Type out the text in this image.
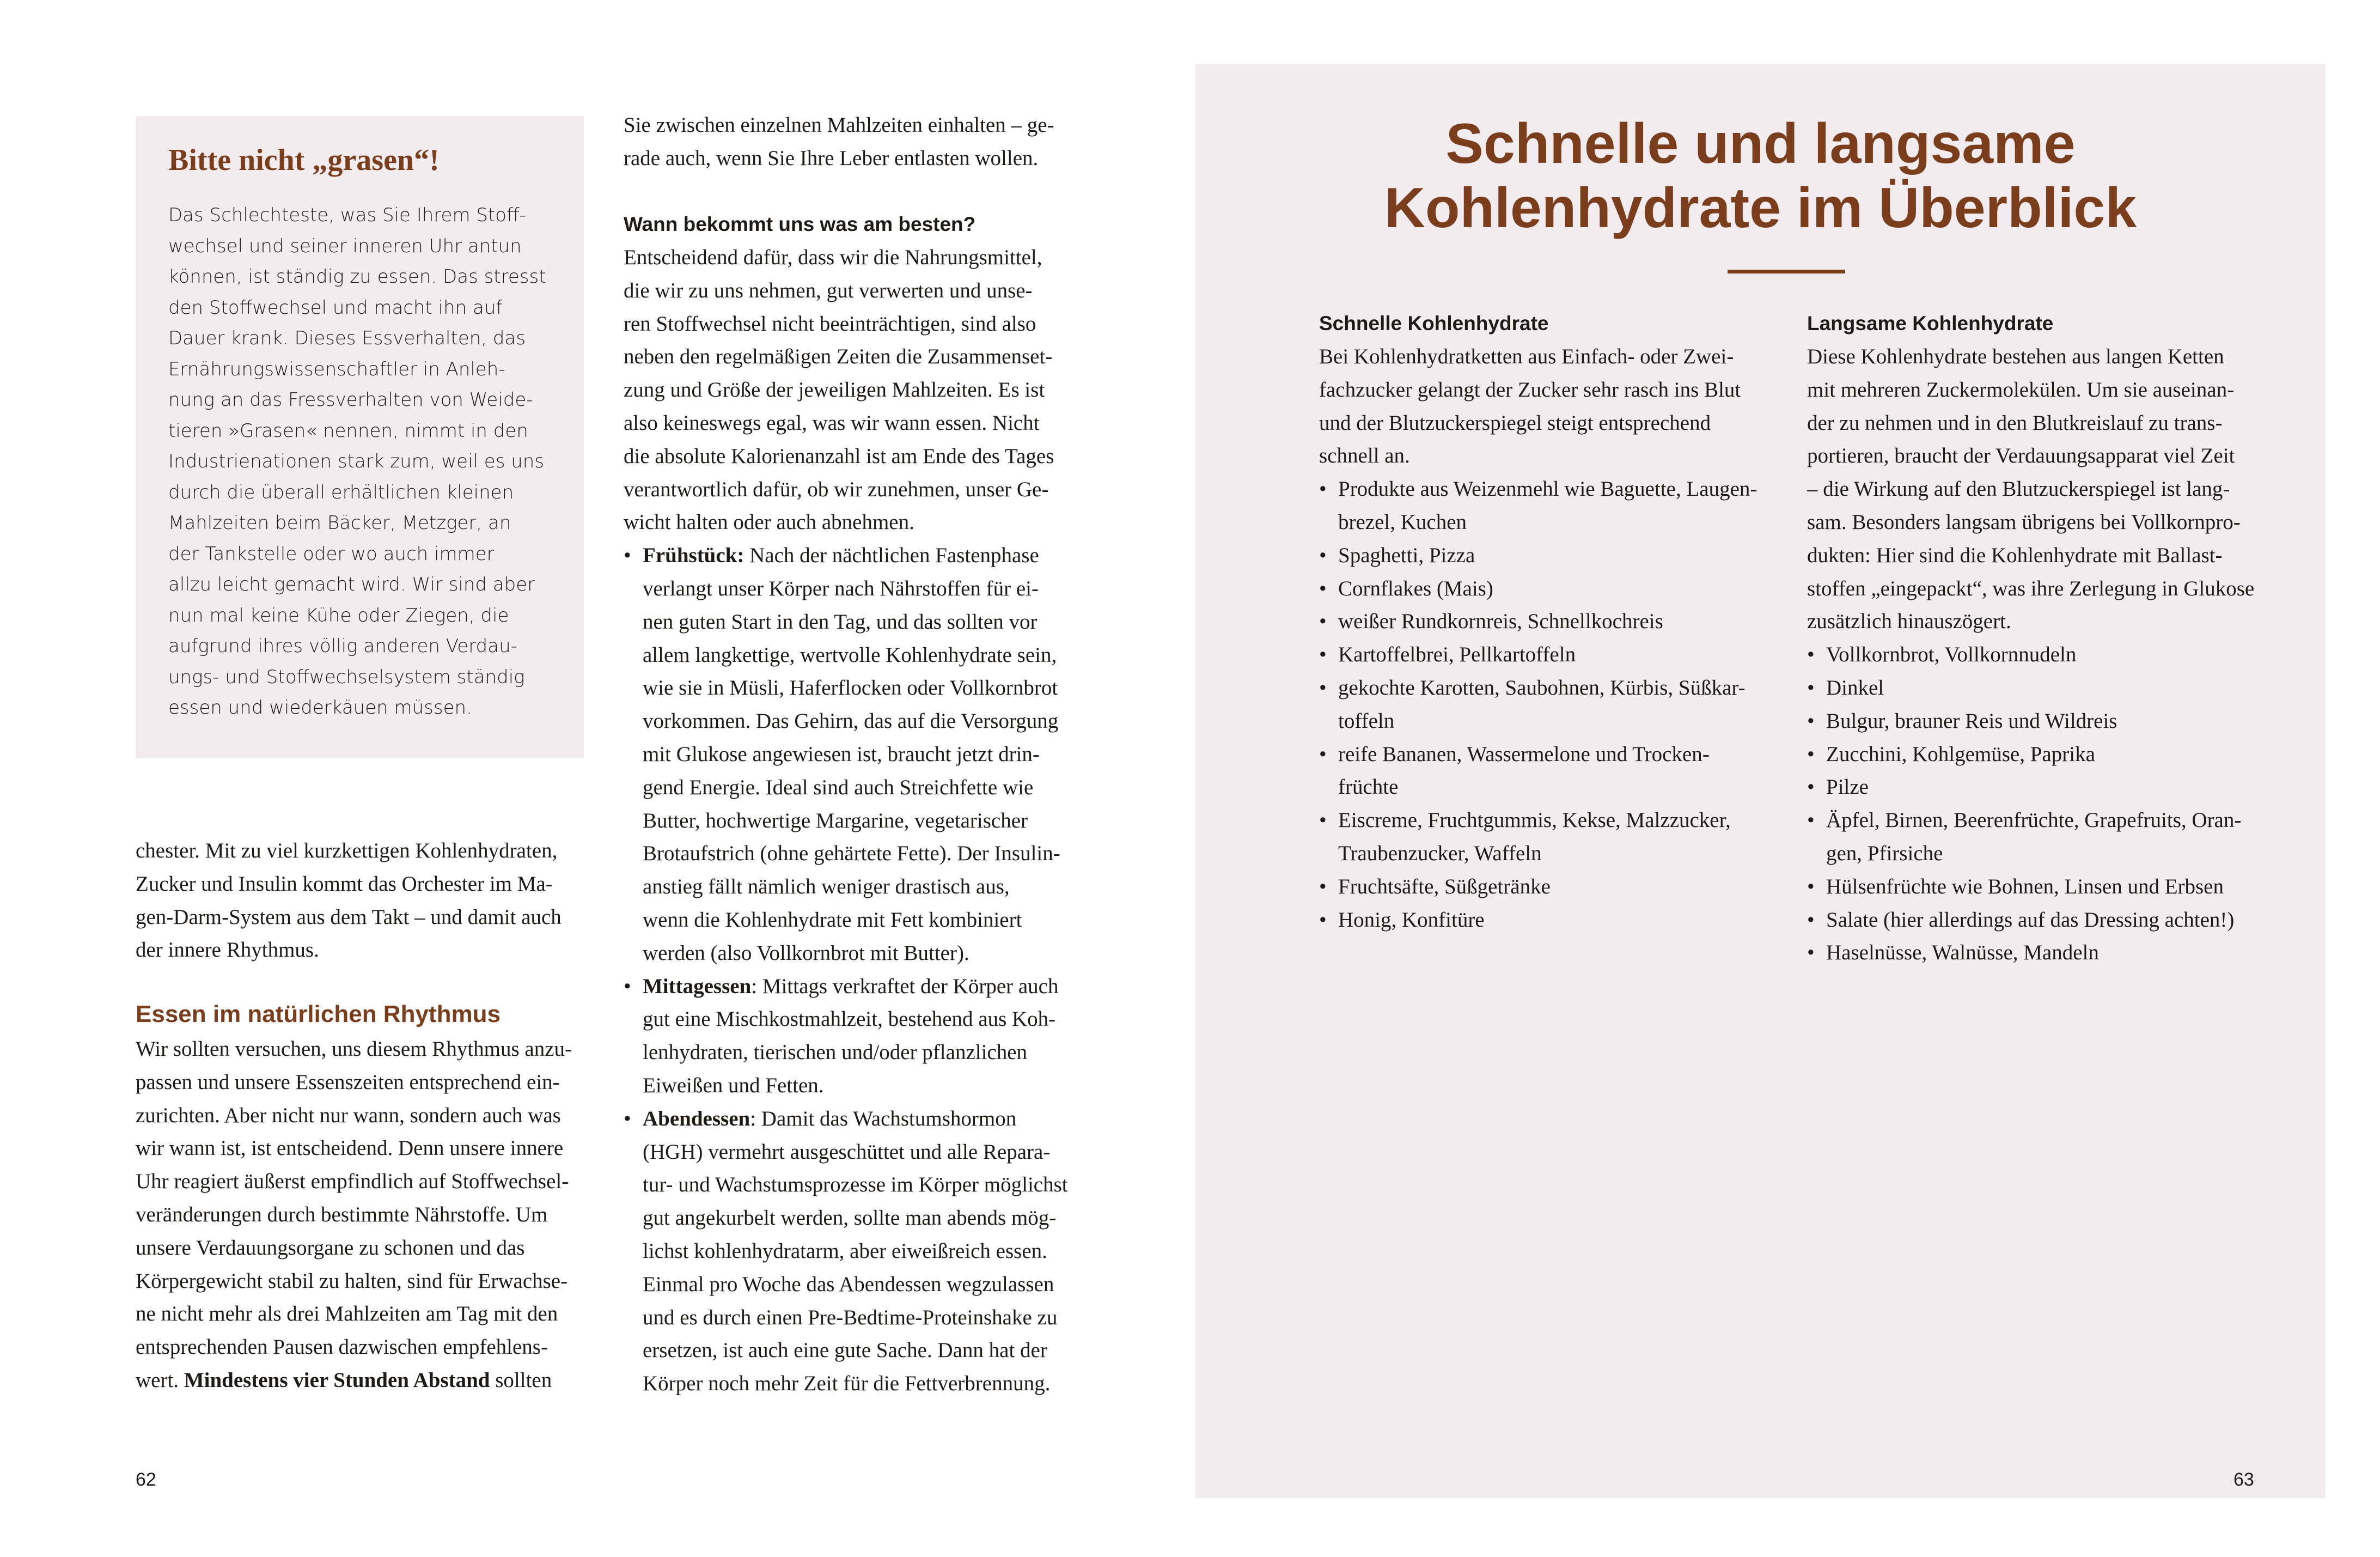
Bitte nicht „grasen“!
Das Schlechteste, was Sie Ihrem Stoff-
wechsel und seiner inneren Uhr antun
können, ist ständig zu essen. Das stresst
den Stoffwechsel und macht ihn auf
Dauer krank. Dieses Essverhalten, das
Ernährungswissenschaftler in Anleh-
nung an das Fressverhalten von Weide-
tieren »Grasen« nennen, nimmt in den
Industrienationen stark zum, weil es uns
durch die überall erhältlichen kleinen
Mahlzeiten beim Bäcker, Metzger, an
der Tankstelle oder wo auch immer
allzu leicht gemacht wird. Wir sind aber
nun mal keine Kühe oder Ziegen, die
aufgrund ihres völlig anderen Verdau-
ungs- und Stoffwechselsystem ständig
essen und wiederkäuen müssen.
chester. Mit zu viel kurzkettigen Kohlenhydraten,
Zucker und Insulin kommt das Orchester im Ma-
gen-Darm-System aus dem Takt – und damit auch
der innere Rhythmus.
Essen im natürlichen Rhythmus
Wir sollten versuchen, uns diesem Rhythmus anzu-
passen und unsere Essenszeiten entsprechend ein-
zurichten. Aber nicht nur wann, sondern auch was
wir wann ist, ist entscheidend. Denn unsere innere
Uhr reagiert äußerst empfindlich auf Stoffwechsel-
veränderungen durch bestimmte Nährstoffe. Um
unsere Verdauungsorgane zu schonen und das
Körpergewicht stabil zu halten, sind für Erwachse-
ne nicht mehr als drei Mahlzeiten am Tag mit den
entsprechenden Pausen dazwischen empfehlens-
wert. Mindestens vier Stunden Abstand sollten
Sie zwischen einzelnen Mahlzeiten einhalten – ge-
rade auch, wenn Sie Ihre Leber entlasten wollen.
Wann bekommt uns was am besten?
Entscheidend dafür, dass wir die Nahrungsmittel,
die wir zu uns nehmen, gut verwerten und unse-
ren Stoffwechsel nicht beeinträchtigen, sind also
neben den regelmäßigen Zeiten die Zusammenset-
zung und Größe der jeweiligen Mahlzeiten. Es ist
also keineswegs egal, was wir wann essen. Nicht
die absolute Kalorienanzahl ist am Ende des Tages
verantwortlich dafür, ob wir zunehmen, unser Ge-
wicht halten oder auch abnehmen.
• Frühstück: Nach der nächtlichen Fastenphase
verlangt unser Körper nach Nährstoffen für ei-
nen guten Start in den Tag, und das sollten vor
allem langkettige, wertvolle Kohlenhydrate sein,
wie sie in Müsli, Haferflocken oder Vollkornbrot
vorkommen. Das Gehirn, das auf die Versorgung
mit Glukose angewiesen ist, braucht jetzt drin-
gend Energie. Ideal sind auch Streichfette wie
Butter, hochwertige Margarine, vegetarischer
Brotaufstrich (ohne gehärtete Fette). Der Insulin-
anstieg fällt nämlich weniger drastisch aus,
wenn die Kohlenhydrate mit Fett kombiniert
werden (also Vollkornbrot mit Butter).
• Mittagessen: Mittags verkraftet der Körper auch
gut eine Mischkostmahlzeit, bestehend aus Koh-
lenhydraten, tierischen und/oder pflanzlichen
Eiweißen und Fetten.
• Abendessen: Damit das Wachstumshormon
(HGH) vermehrt ausgeschüttet und alle Repara-
tur- und Wachstumsprozesse im Körper möglichst
gut angekurbelt werden, sollte man abends mög-
lichst kohlenhydratarm, aber eiweißreich essen.
Einmal pro Woche das Abendessen wegzulassen
und es durch einen Pre-Bedtime-Proteinshake zu
ersetzen, ist auch eine gute Sache. Dann hat der
Körper noch mehr Zeit für die Fettverbrennung.
62
Schnelle und langsame
Kohlenhydrate im Überblick
Schnelle Kohlenhydrate	Langsame Kohlenhydrate
Bei Kohlenhydratketten aus Einfach- oder Zwei-
fachzucker gelangt der Zucker sehr rasch ins Blut
und der Blutzuckerspiegel steigt entsprechend
schnell an.
• Produkte aus Weizenmehl wie Baguette, Laugen-
brezel, Kuchen
• Spaghetti, Pizza
• Cornflakes (Mais)
• weißer Rundkornreis, Schnellkochreis
• Kartoffelbrei, Pellkartoffeln
• gekochte Karotten, Saubohnen, Kürbis, Süßkar-
toffeln
• reife Bananen, Wassermelone und Trocken-
früchte
• Eiscreme, Fruchtgummis, Kekse, Malzzucker,
Traubenzucker, Waffeln
• Fruchtsäfte, Süßgetränke
• Honig, Konfitüre
Diese Kohlenhydrate bestehen aus langen Ketten
mit mehreren Zuckermolekülen. Um sie auseinan-
der zu nehmen und in den Blutkreislauf zu trans-
portieren, braucht der Verdauungsapparat viel Zeit
– die Wirkung auf den Blutzuckerspiegel ist lang-
sam. Besonders langsam übrigens bei Vollkornpro-
dukten: Hier sind die Kohlenhydrate mit Ballast-
stoffen „eingepackt“, was ihre Zerlegung in Glukose
zusätzlich hinauszögert.
• Vollkornbrot, Vollkornnudeln
• Dinkel
• Bulgur, brauner Reis und Wildreis
• Zucchini, Kohlgemüse, Paprika
• Pilze
• Äpfel, Birnen, Beerenfrüchte, Grapefruits, Oran-
gen, Pfirsiche
• Hülsenfrüchte wie Bohnen, Linsen und Erbsen
• Salate (hier allerdings auf das Dressing achten!)
• Haselnüsse, Walnüsse, Mandeln
63
